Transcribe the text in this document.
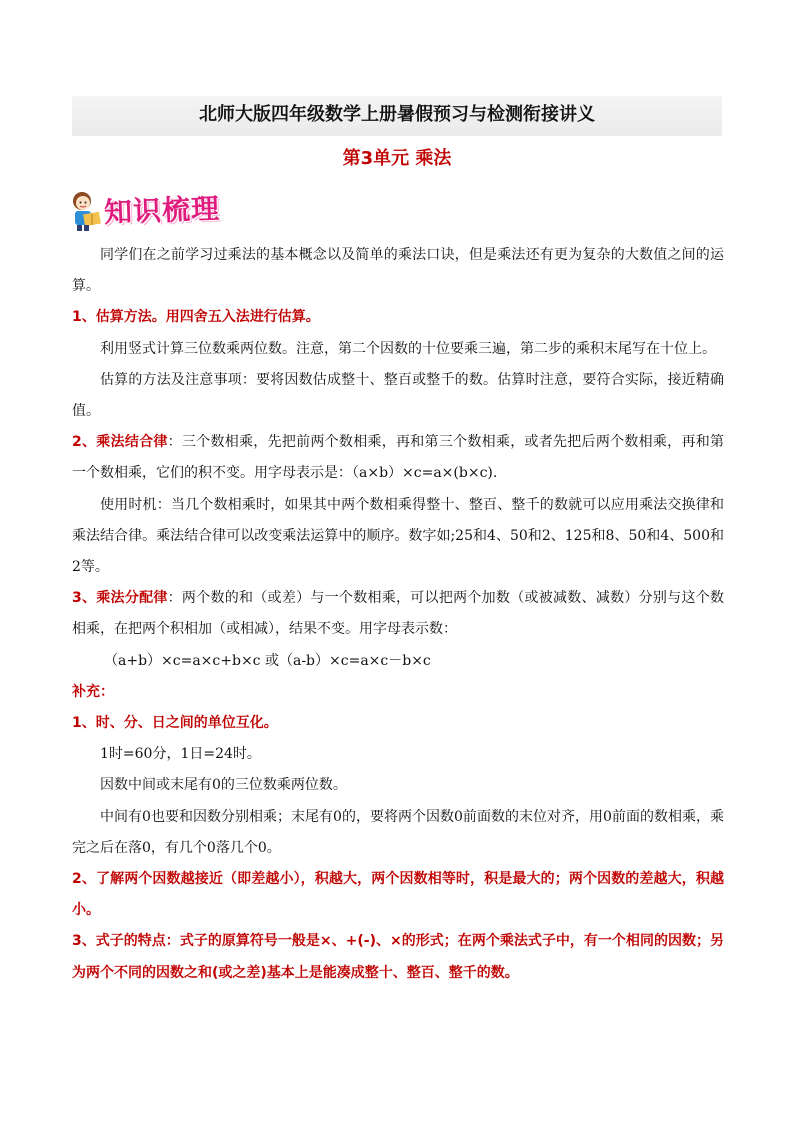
北师大版四年级数学上册暑假预习与检测衔接讲义
第3单元 乘法
知识梳理

同学们在之前学习过乘法的基本概念以及简单的乘法口诀，但是乘法还有更为复杂的大数值之间的运算。

1、估算方法。用四舍五入法进行估算。

利用竖式计算三位数乘两位数。注意，第二个因数的十位要乘三遍，第二步的乘积末尾写在十位上。

估算的方法及注意事项：要将因数估成整十、整百或整千的数。估算时注意，要符合实际，接近精确值。

2、乘法结合律：三个数相乘，先把前两个数相乘，再和第三个数相乘，或者先把后两个数相乘，再和第一个数相乘，它们的积不变。用字母表示是：（a×b）×c=a×(b×c).

使用时机：当几个数相乘时，如果其中两个数相乘得整十、整百、整千的数就可以应用乘法交换律和乘法结合律。乘法结合律可以改变乘法运算中的顺序。数字如;25和4、50和2、125和8、50和4、500和2等。

3、乘法分配律：两个数的和（或差）与一个数相乘，可以把两个加数（或被减数、减数）分别与这个数相乘，在把两个积相加（或相减），结果不变。用字母表示数：

（a+b）×c=a×c+b×c 或（a-b）×c=a×c－b×c

补充：

1、时、分、日之间的单位互化。

1时=60分，1日=24时。

因数中间或末尾有0的三位数乘两位数。

中间有0也要和因数分别相乘；末尾有0的，要将两个因数0前面数的末位对齐，用0前面的数相乘，乘完之后在落0，有几个0落几个0。

2、了解两个因数越接近（即差越小），积越大，两个因数相等时，积是最大的；两个因数的差越大，积越小。

3、式子的特点：式子的原算符号一般是×、+(-)、×的形式；在两个乘法式子中，有一个相同的因数；另为两个不同的因数之和(或之差)基本上是能凑成整十、整百、整千的数。
